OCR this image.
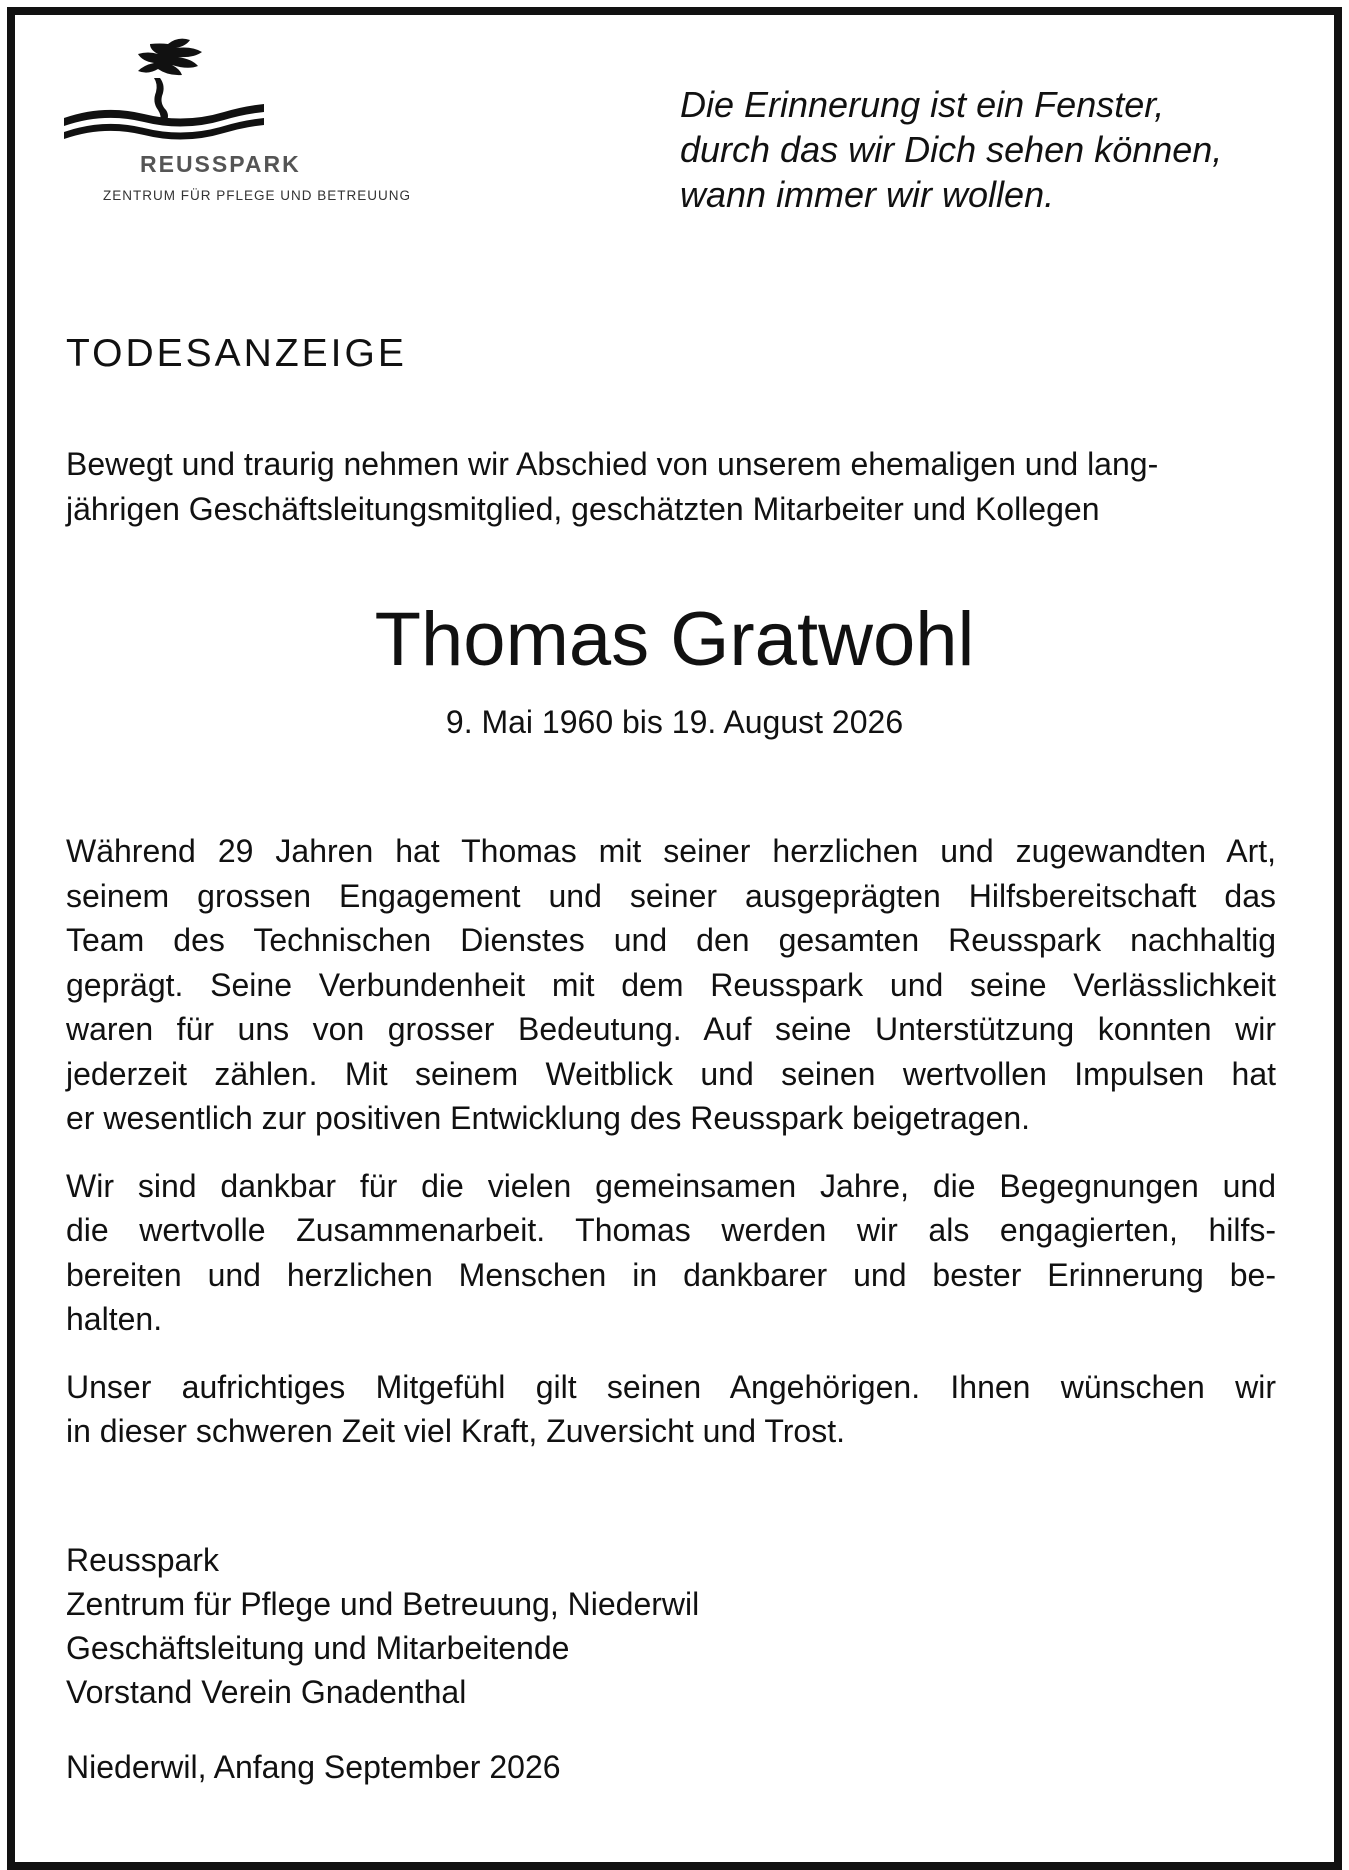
REUSSPARK
ZENTRUM FÜR PFLEGE UND BETREUUNG
Die Erinnerung ist ein Fenster,
durch das wir Dich sehen können,
wann immer wir wollen.
TODESANZEIGE
Bewegt und traurig nehmen wir Abschied von unserem ehemaligen und lang-
jährigen Geschäftsleitungsmitglied, geschätzten Mitarbeiter und Kollegen
Thomas Gratwohl
9. Mai 1960 bis 19. August 2026
Während 29 Jahren hat Thomas mit seiner herzlichen und zugewandten Art,
seinem grossen Engagement und seiner ausgeprägten Hilfsbereitschaft das
Team des Technischen Dienstes und den gesamten Reusspark nachhaltig
geprägt. Seine Verbundenheit mit dem Reusspark und seine Verlässlichkeit
waren für uns von grosser Bedeutung. Auf seine Unterstützung konnten wir
jederzeit zählen. Mit seinem Weitblick und seinen wertvollen Impulsen hat
er wesentlich zur positiven Entwicklung des Reusspark beigetragen.
Wir sind dankbar für die vielen gemeinsamen Jahre, die Begegnungen und
die wertvolle Zusammenarbeit. Thomas werden wir als engagierten, hilfs-
bereiten und herzlichen Menschen in dankbarer und bester Erinnerung be-
halten.
Unser aufrichtiges Mitgefühl gilt seinen Angehörigen. Ihnen wünschen wir
in dieser schweren Zeit viel Kraft, Zuversicht und Trost.
Reusspark
Zentrum für Pflege und Betreuung, Niederwil
Geschäftsleitung und Mitarbeitende
Vorstand Verein Gnadenthal
Niederwil, Anfang September 2026
